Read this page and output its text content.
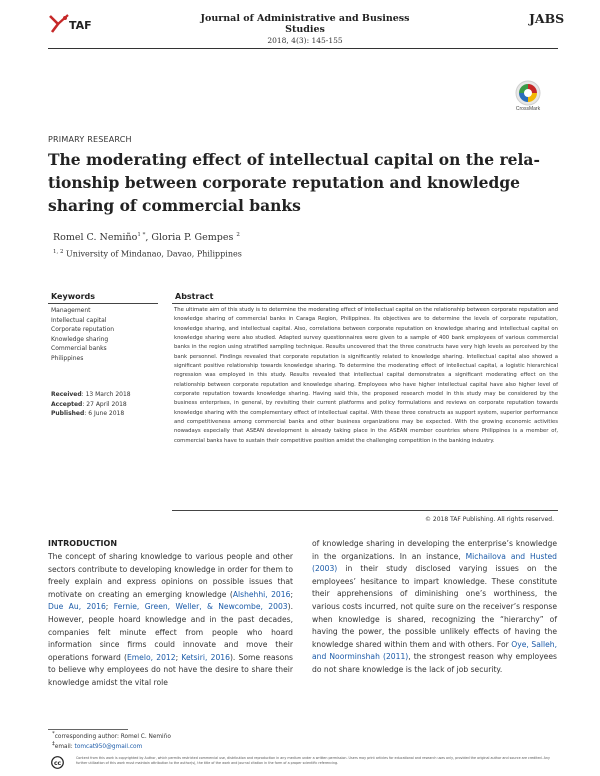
TAF
Journal of Administrative and Business Studies
JABS
2018, 4(3): 145-155
CrossMark
PRIMARY RESEARCH
The moderating effect of intellectual capital on the rela-
tionship between corporate reputation and knowledge
sharing of commercial banks
Romel C. Nemiño$^{1 *}$, Gloria P. Gempes $^2$
$^{1, 2}$ University of Mindanao, Davao, Philippines
Keywords
Management
Intellectual capital
Corporate reputation
Knowledge sharing
Commercial banks
Philippines
Received: 13 March 2018
Accepted: 27 April 2018
Published: 6 June 2018
Abstract
The ultimate aim of this study is to determine the moderating effect of intellectual capital on the relationship between corporate reputation and knowledge sharing of commercial banks in Caraga Region, Philippines. Its objectives are to determine the levels of corporate reputation, knowledge sharing, and intellectual capital. Also, correlations between corporate reputation on knowledge sharing and intellectual capital on knowledge sharing were also studied. Adapted survey questionnaires were given to a sample of 400 bank employees of various commercial banks in the region using stratified sampling technique. Results uncovered that the three constructs have very high levels as perceived by the bank personnel. Findings revealed that corporate reputation is significantly related to knowledge sharing. Intellectual capital also showed a significant positive relationship towards knowledge sharing. To determine the moderating effect of intellectual capital, a logistic hierarchical regression was employed in this study. Results revealed that intellectual capital demonstrates a significant moderating effect on the relationship between corporate reputation and knowledge sharing. Employees who have higher intellectual capital have also higher level of corporate reputation towards knowledge sharing. Having said this, the proposed research model in this study may be considered by the business enterprises, in general, by revisiting their current platforms and policy formulations and reviews on corporate reputation towards knowledge sharing with the complementary effect of intellectual capital. With these three constructs as support system, superior performance and competitiveness among commercial banks and other business organizations may be expected. With the growing economic activities nowadays especially that ASEAN development is already taking place in the ASEAN member countries where Philippines is a member of, commercial banks have to sustain their competitive position amidst the challenging competition in the banking industry.
© 2018 TAF Publishing. All rights reserved.
INTRODUCTION
The concept of sharing knowledge to various people and other sectors contribute to developing knowledge in order for them to freely explain and express opinions on possible issues that motivate on creating an emerging knowledge (Alshehhi, 2016; Due Au, 2016; Fernie, Green, Weller, & Newcombe, 2003). However, people hoard knowledge and in the past decades, companies felt minute effect from people who hoard information since firms could innovate and move their operations forward (Emelo, 2012; Ketsiri, 2016). Some reasons to believe why employees do not have the desire to share their knowledge amidst the vital role
of knowledge sharing in developing the enterprise’s knowledge in the organizations. In an instance, Michailova and Husted (2003) in their study disclosed varying issues on the employees’ hesitance to impart knowledge. These constitute their apprehensions of diminishing one’s worthiness, the various costs incurred, not quite sure on the receiver’s response when knowledge is shared, recognizing the “hierarchy” of having the power, the possible unlikely effects of having the knowledge shared within them and with others. For Oye, Salleh, and Noorminshah (2011), the strongest reason why employees do not share knowledge is the lack of job security.
*corresponding author: Romel C. Nemiño
‡email: tomcat950@gmail.com
cc
Content from this work is copyrighted by Author, which permits restricted commercial use, distribution and reproduction in any medium under a written permission. Users may print articles for educational and research uses only, provided the original author and source are credited. Any further utilization of this work must maintain attribution to the author(s), the title of the work and journal citation in the form of a proper scientific referencing.
